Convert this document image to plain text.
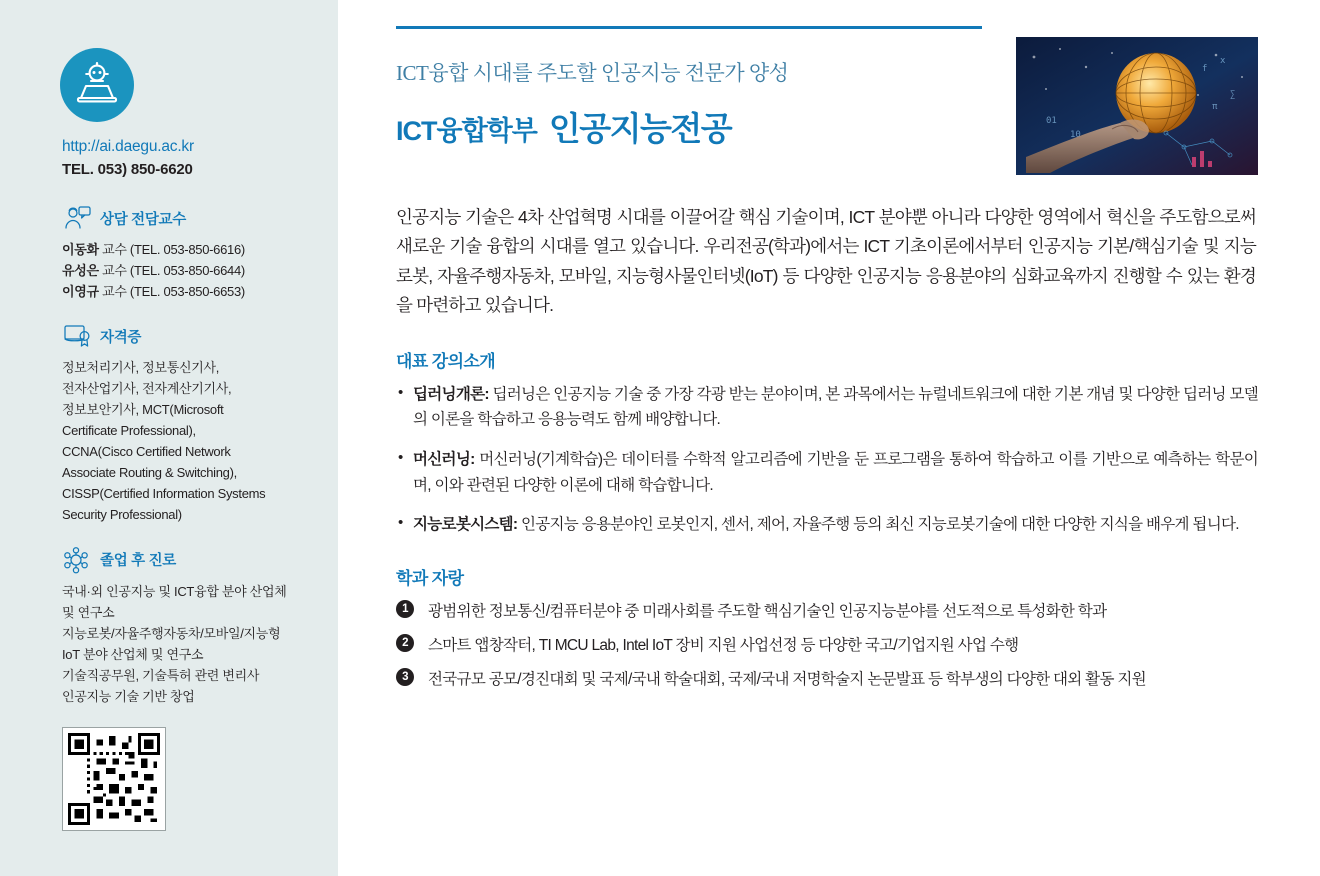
http://ai.daegu.ac.kr
TEL. 053) 850-6620
상담 전담교수
이동화 교수 (TEL. 053-850-6616)
유성은 교수 (TEL. 053-850-6644)
이영규 교수 (TEL. 053-850-6653)
자격증
정보처리기사, 정보통신기사,
전자산업기사, 전자계산기기사,
정보보안기사, MCT(Microsoft
Certificate Professional),
CCNA(Cisco Certified Network
Associate Routing & Switching),
CISSP(Certified Information Systems
Security Professional)
졸업 후 진로
국내·외 인공지능 및 ICT융합 분야 산업체
및 연구소
지능로봇/자율주행자동차/모바일/지능형
IoT 분야 산업체 및 연구소
기술직공무원, 기술특허 관련 변리사
인공지능 기술 기반 창업
ICT융합 시대를 주도할 인공지능 전문가 양성
ICT융합학부 인공지능전공
f
x
∑
π
01
10

인공지능 기술은 4차 산업혁명 시대를 이끌어갈 핵심 기술이며, ICT 분야뿐 아니라 다양한 영역에서 혁신을 주도함으로써 새로운 기술 융합의 시대를 열고 있습니다. 우리전공(학과)에서는 ICT 기초이론에서부터 인공지능 기본/핵심기술 및 지능로봇, 자율주행자동차, 모바일, 지능형사물인터넷(IoT) 등 다양한 인공지능 응용분야의 심화교육까지 진행할 수 있는 환경을 마련하고 있습니다.

대표 강의소개
• 딥러닝개론: 딥러닝은 인공지능 기술 중 가장 각광 받는 분야이며, 본 과목에서는 뉴럴네트워크에 대한 기본 개념 및 다양한 딥러닝 모델의 이론을 학습하고 응용능력도 함께 배양합니다.
• 머신러닝: 머신러닝(기계학습)은 데이터를 수학적 알고리즘에 기반을 둔 프로그램을 통하여 학습하고 이를 기반으로 예측하는 학문이며, 이와 관련된 다양한 이론에 대해 학습합니다.
• 지능로봇시스템: 인공지능 응용분야인 로봇인지, 센서, 제어, 자율주행 등의 최신 지능로봇기술에 대한 다양한 지식을 배우게 됩니다.
학과 자랑
1	광범위한 정보통신/컴퓨터분야 중 미래사회를 주도할 핵심기술인 인공지능분야를 선도적으로 특성화한 학과
2	스마트 앱창작터, TI MCU Lab, Intel IoT 장비 지원 사업선정 등 다양한 국고/기업지원 사업 수행
3	전국규모 공모/경진대회 및 국제/국내 학술대회, 국제/국내 저명학술지 논문발표 등 학부생의 다양한 대외 활동 지원
